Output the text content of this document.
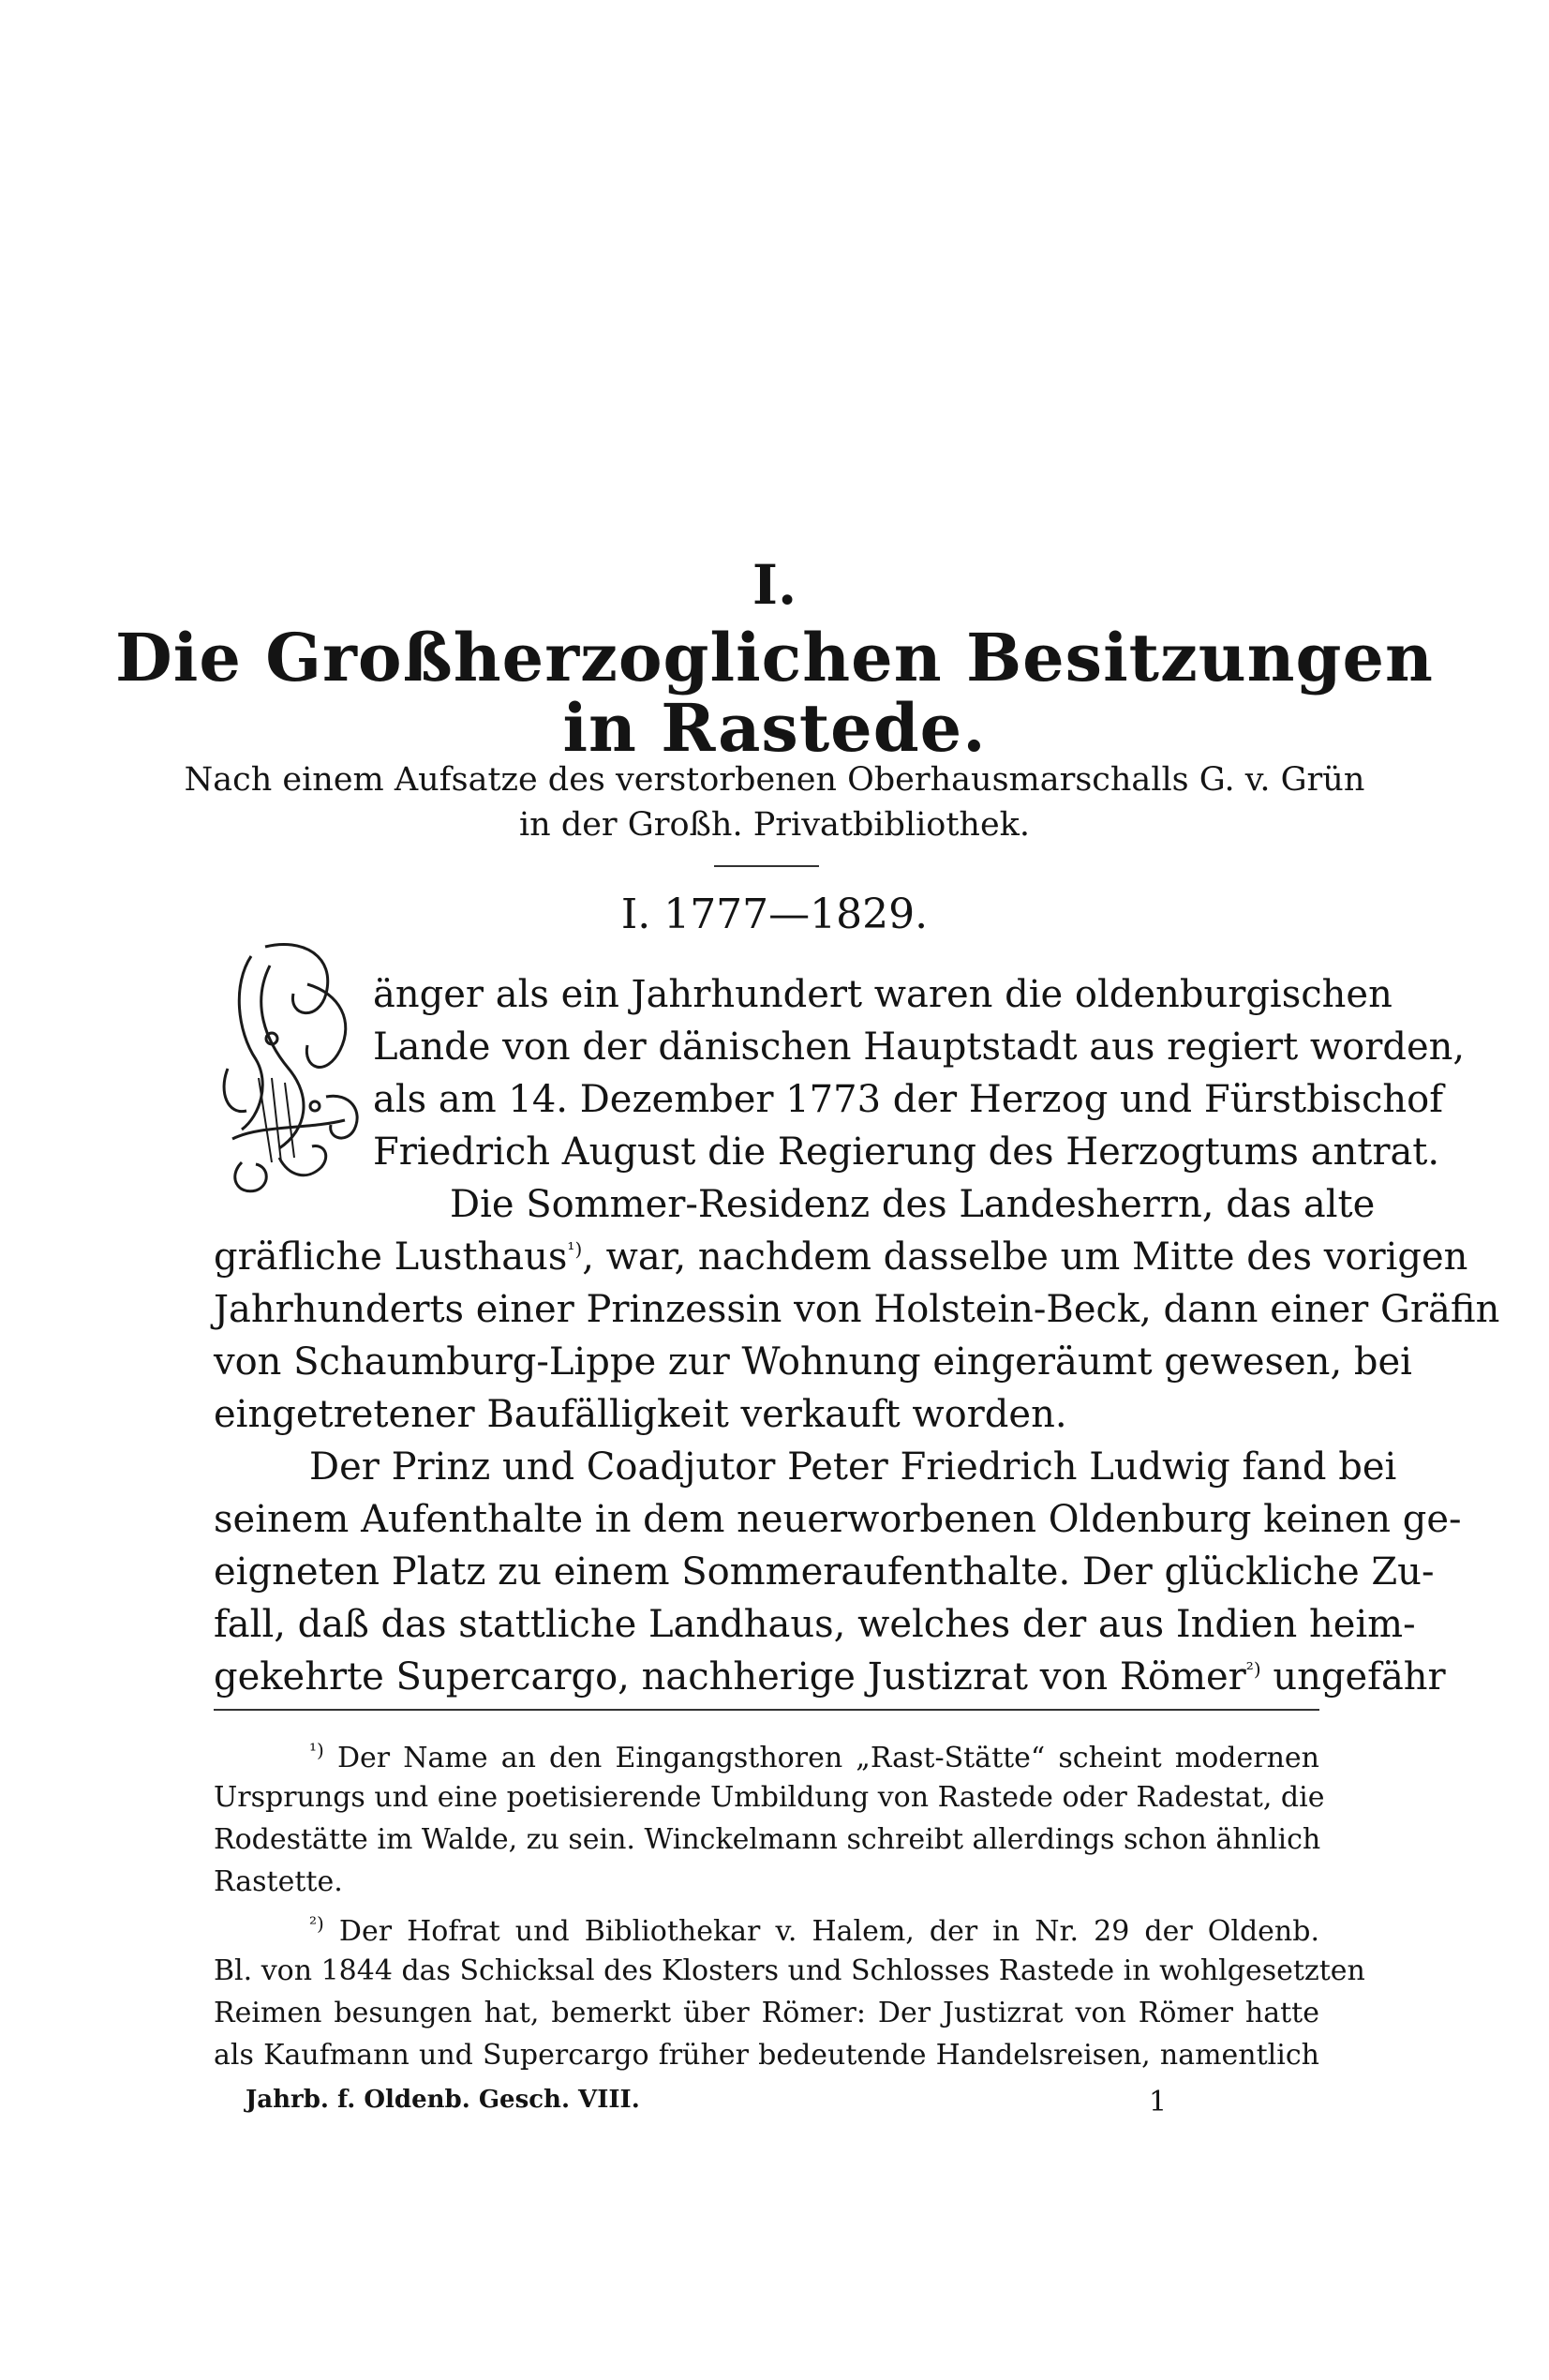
I.
Die Großherzoglichen Besitzungen
in Rastede.
Nach einem Aufsatze des verstorbenen Oberhausmarschalls G. v. Grün
in der Großh. Privatbibliothek.
I. 1777—1829.
änger als ein Jahrhundert waren die oldenburgischen
Lande von der dänischen Hauptstadt aus regiert worden,
als am 14. Dezember 1773 der Herzog und Fürstbischof
Friedrich August die Regierung des Herzogtums antrat.
Die Sommer-Residenz des Landesherrn, das alte
gräfliche Lusthaus$^{^1)}$, war, nachdem dasselbe um Mitte des vorigen
Jahrhunderts einer Prinzessin von Holstein-Beck, dann einer Gräfin
von Schaumburg-Lippe zur Wohnung eingeräumt gewesen, bei
eingetretener Baufälligkeit verkauft worden.
Der Prinz und Coadjutor Peter Friedrich Ludwig fand bei
seinem Aufenthalte in dem neuerworbenen Oldenburg keinen ge-
eigneten Platz zu einem Sommeraufenthalte. Der glückliche Zu-
fall, daß das stattliche Landhaus, welches der aus Indien heim-
gekehrte Supercargo, nachherige Justizrat von Römer$^{^2)}$ ungefähr
$^{^1)}$ Der Name an den Eingangsthoren „Rast-Stätte“ scheint modernen
Ursprungs und eine poetisierende Umbildung von Rastede oder Radestat, die
Rodestätte im Walde, zu sein. Winckelmann schreibt allerdings schon ähnlich
Rastette.
$^{^2)}$ Der Hofrat und Bibliothekar v. Halem, der in Nr. 29 der Oldenb.
Bl. von 1844 das Schicksal des Klosters und Schlosses Rastede in wohlgesetzten
Reimen besungen hat, bemerkt über Römer: Der Justizrat von Römer hatte
als Kaufmann und Supercargo früher bedeutende Handelsreisen, namentlich
Jahrb. f. Oldenb. Gesch. VIII.	1
